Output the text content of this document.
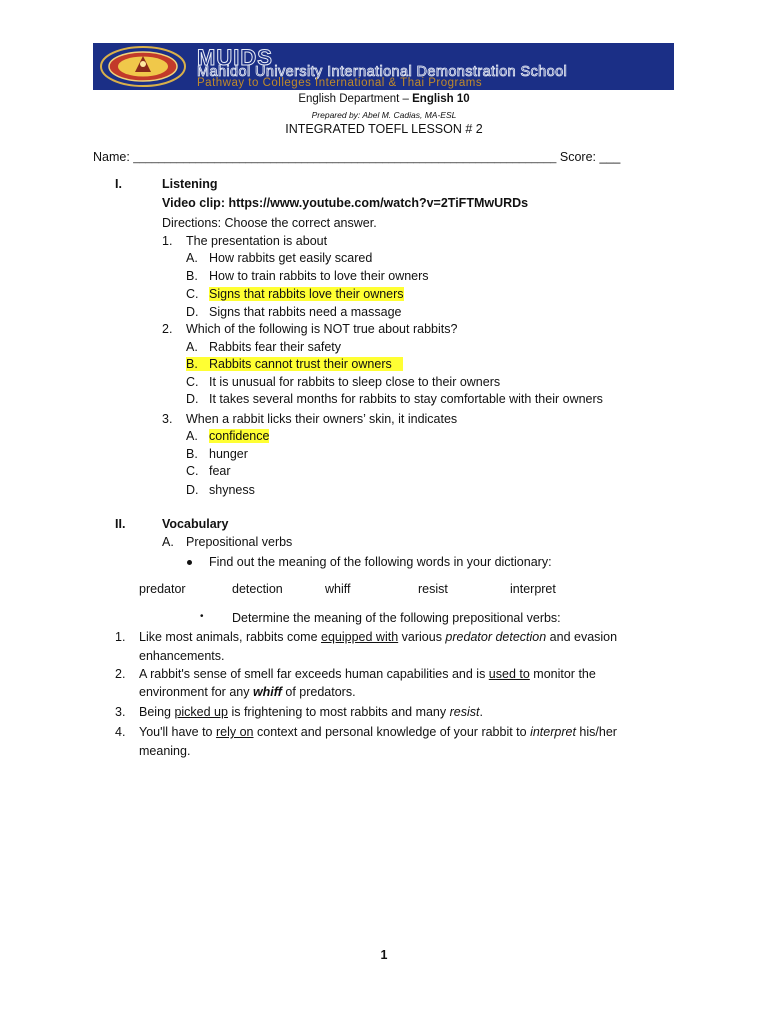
MUIDS
Mahidol University International Demonstration School
Pathway to Colleges International & Thai Programs
English Department – English 10
Prepared by: Abel M. Cadias, MA-ESL
INTEGRATED TOEFL LESSON # 2
Name: ____________________________________________________________________ Score: ___
I.	Listening
Video clip: https://www.youtube.com/watch?v=2TiFTMwURDs
Directions: Choose the correct answer.
1. The presentation is about
A. How rabbits get easily scared
B. How to train rabbits to love their owners
C. Signs that rabbits love their owners
D. Signs that rabbits need a massage
2. Which of the following is NOT true about rabbits?
A. Rabbits fear their safety
B. Rabbits cannot trust their owners
C. It is unusual for rabbits to sleep close to their owners
D. It takes several months for rabbits to stay comfortable with their owners
3. When a rabbit licks their owners’ skin, it indicates
A. confidence
B. hunger
C. fear
D. shyness
II.	Vocabulary
A. Prepositional verbs
Find out the meaning of the following words in your dictionary:
predator	detection	whiff	resist	interpret
• Determine the meaning of the following prepositional verbs:
1. Like most animals, rabbits come equipped with various predator detection and evasion
enhancements.
2. A rabbit's sense of smell far exceeds human capabilities and is used to monitor the
environment for any whiff of predators.
3. Being picked up is frightening to most rabbits and many resist.
4. You'll have to rely on context and personal knowledge of your rabbit to interpret his/her
meaning.
1
